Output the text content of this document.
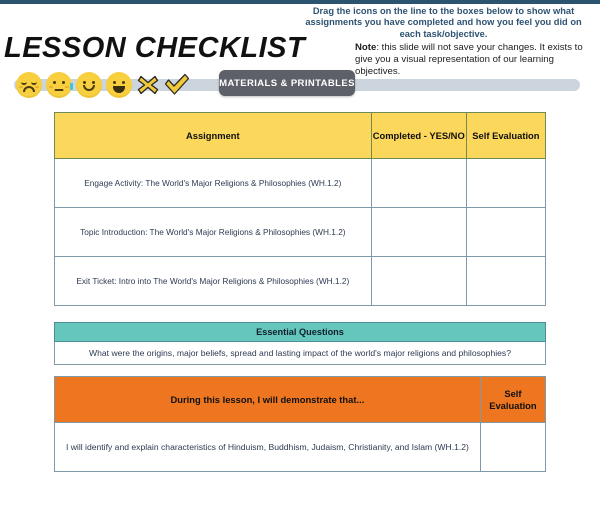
LESSON CHECKLIST
MATERIALS & PRINTABLES
Drag the icons on the line to the boxes below to show what assignments you have completed and how you feel you did on each task/objective.
Note: this slide will not save your changes. It exists to give you a visual representation of our learning objectives.
Assignment	Completed - YES/NO	Self Evaluation
Engage Activity: The World's Major Religions & Philosophies (WH.1.2)		
Topic Introduction: The World's Major Religions & Philosophies (WH.1.2)		
Exit Ticket: Intro into The World's Major Religions & Philosophies (WH.1.2)		
Essential Questions
What were the origins, major beliefs, spread and lasting impact of the world's major religions and philosophies?
During this lesson, I will demonstrate that...	Self Evaluation
I will identify and explain characteristics of Hinduism, Buddhism, Judaism, Christianity, and Islam (WH.1.2)	
